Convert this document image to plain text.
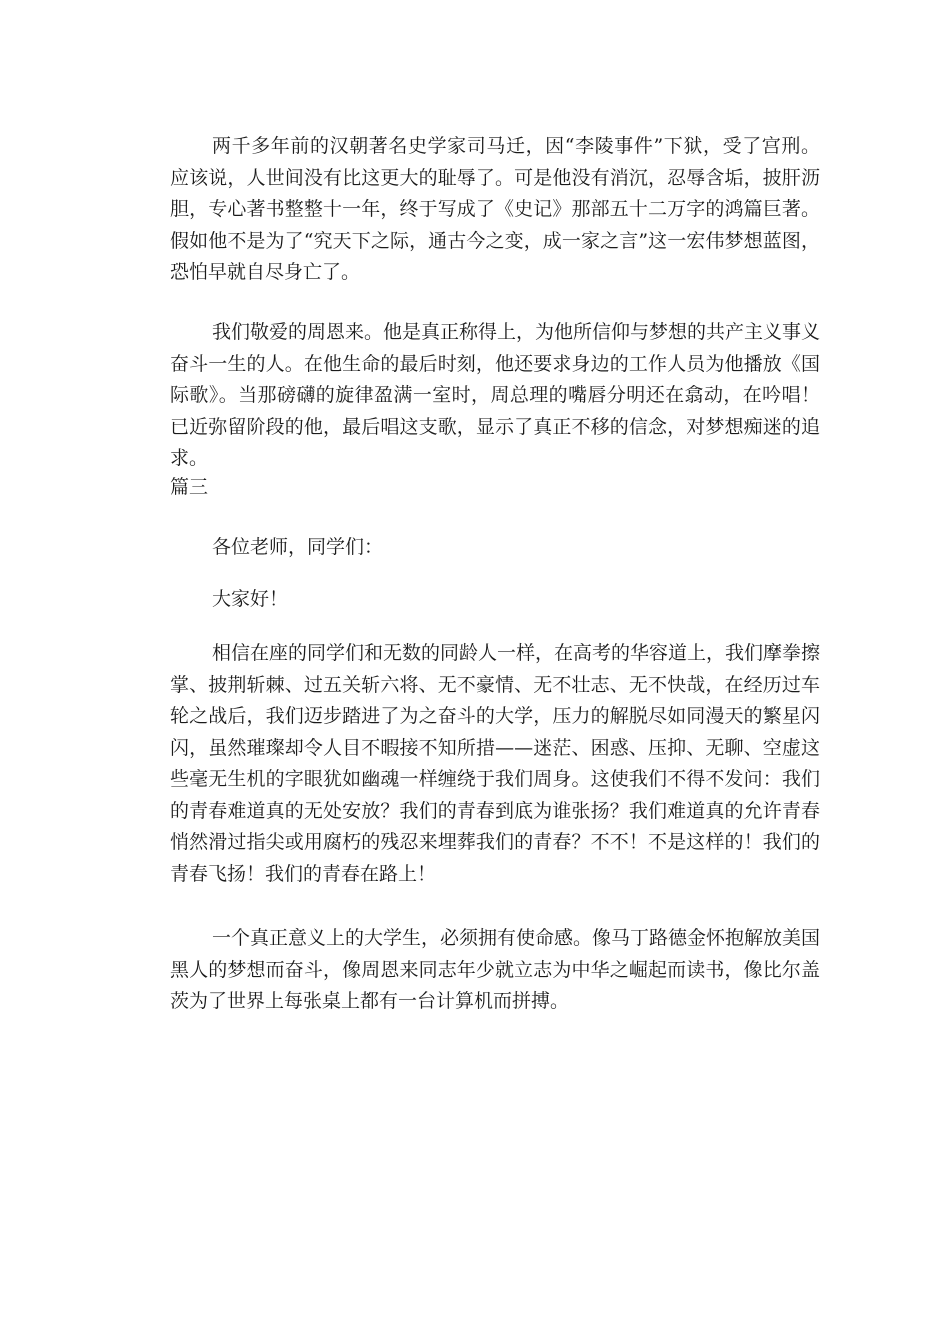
两千多年前的汉朝著名史学家司马迁，因“李陵事件”下狱，受了宫刑。应该说，人世间没有比这更大的耻辱了。可是他没有消沉，忍辱含垢，披肝沥胆，专心著书整整十一年，终于写成了《史记》那部五十二万字的鸿篇巨著。假如他不是为了“究天下之际，通古今之变，成一家之言”这一宏伟梦想蓝图，恐怕早就自尽身亡了。

我们敬爱的周恩来。他是真正称得上，为他所信仰与梦想的共产主义事义奋斗一生的人。在他生命的最后时刻，他还要求身边的工作人员为他播放《国际歌》。当那磅礴的旋律盈满一室时，周总理的嘴唇分明还在翕动，在吟唱！已近弥留阶段的他，最后唱这支歌，显示了真正不移的信念，对梦想痴迷的追求。

篇三

各位老师，同学们：

大家好！

相信在座的同学们和无数的同龄人一样，在高考的华容道上，我们摩拳擦掌、披荆斩棘、过五关斩六将、无不豪情、无不壮志、无不快哉，在经历过车轮之战后，我们迈步踏进了为之奋斗的大学，压力的解脱尽如同漫天的繁星闪闪，虽然璀璨却令人目不暇接不知所措——迷茫、困惑、压抑、无聊、空虚这些毫无生机的字眼犹如幽魂一样缠绕于我们周身。这使我们不得不发问：我们的青春难道真的无处安放？我们的青春到底为谁张扬？我们难道真的允许青春悄然滑过指尖或用腐朽的残忍来埋葬我们的青春？不不！不是这样的！我们的青春飞扬！我们的青春在路上！

一个真正意义上的大学生，必须拥有使命感。像马丁路德金怀抱解放美国黑人的梦想而奋斗，像周恩来同志年少就立志为中华之崛起而读书，像比尔盖茨为了世界上每张桌上都有一台计算机而拼搏。
